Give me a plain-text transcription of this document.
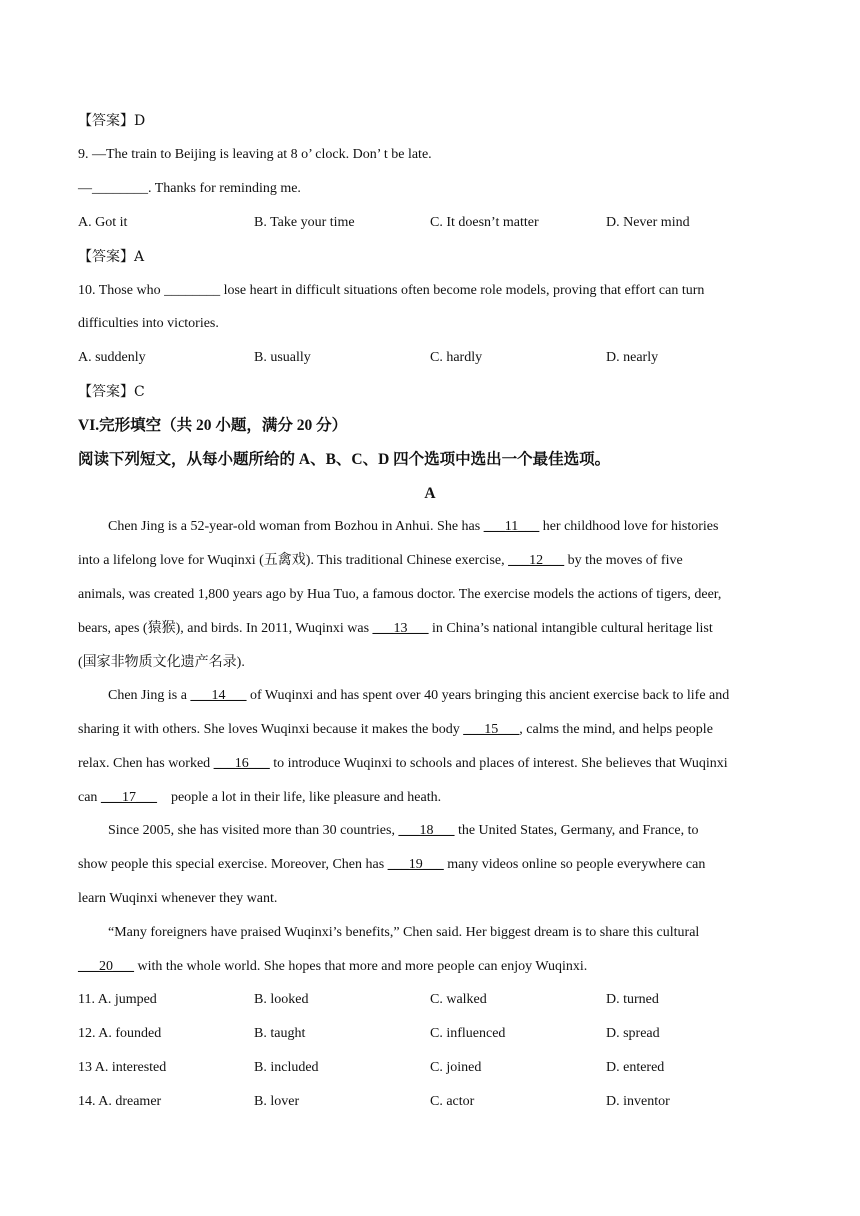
【答案】D
9. —The train to Beijing is leaving at 8 o’ clock. Don’ t be late.
—________. Thanks for reminding me.
A. Got it	B. Take your time	C. It doesn’t matter	D. Never mind
【答案】A
10. Those who ________ lose heart in difficult situations often become role models, proving that effort can turn
difficulties into victories.
A. suddenly	B. usually	C. hardly	D. nearly
【答案】C
VI.完形填空（共 20 小题，满分 20 分）
阅读下列短文，从每小题所给的 A、B、C、D 四个选项中选出一个最佳选项。
A
Chen Jing is a 52-year-old woman from Bozhou in Anhui. She has ___11___ her childhood love for histories
into a lifelong love for Wuqinxi (五禽戏). This traditional Chinese exercise, ___12___ by the moves of five
animals, was created 1,800 years ago by Hua Tuo, a famous doctor. The exercise models the actions of tigers, deer,
bears, apes (猿猴), and birds. In 2011, Wuqinxi was ___13___ in China’s national intangible cultural heritage list
(国家非物质文化遗产名录).
Chen Jing is a ___14___ of Wuqinxi and has spent over 40 years bringing this ancient exercise back to life and
sharing it with others. She loves Wuqinxi because it makes the body ___15___, calms the mind, and helps people
relax. Chen has worked ___16___ to introduce Wuqinxi to schools and places of interest. She believes that Wuqinxi
can ___17___    people a lot in their life, like pleasure and heath.
Since 2005, she has visited more than 30 countries, ___18___ the United States, Germany, and France, to
show people this special exercise. Moreover, Chen has ___19___ many videos online so people everywhere can
learn Wuqinxi whenever they want.
“Many foreigners have praised Wuqinxi’s benefits,” Chen said. Her biggest dream is to share this cultural
___20___ with the whole world. She hopes that more and more people can enjoy Wuqinxi.
11. A. jumped	B. looked	C. walked	D. turned
12. A. founded	B. taught	C. influenced	D. spread
13 A. interested	B. included	C. joined	D. entered
14. A. dreamer	B. lover	C. actor	D. inventor
